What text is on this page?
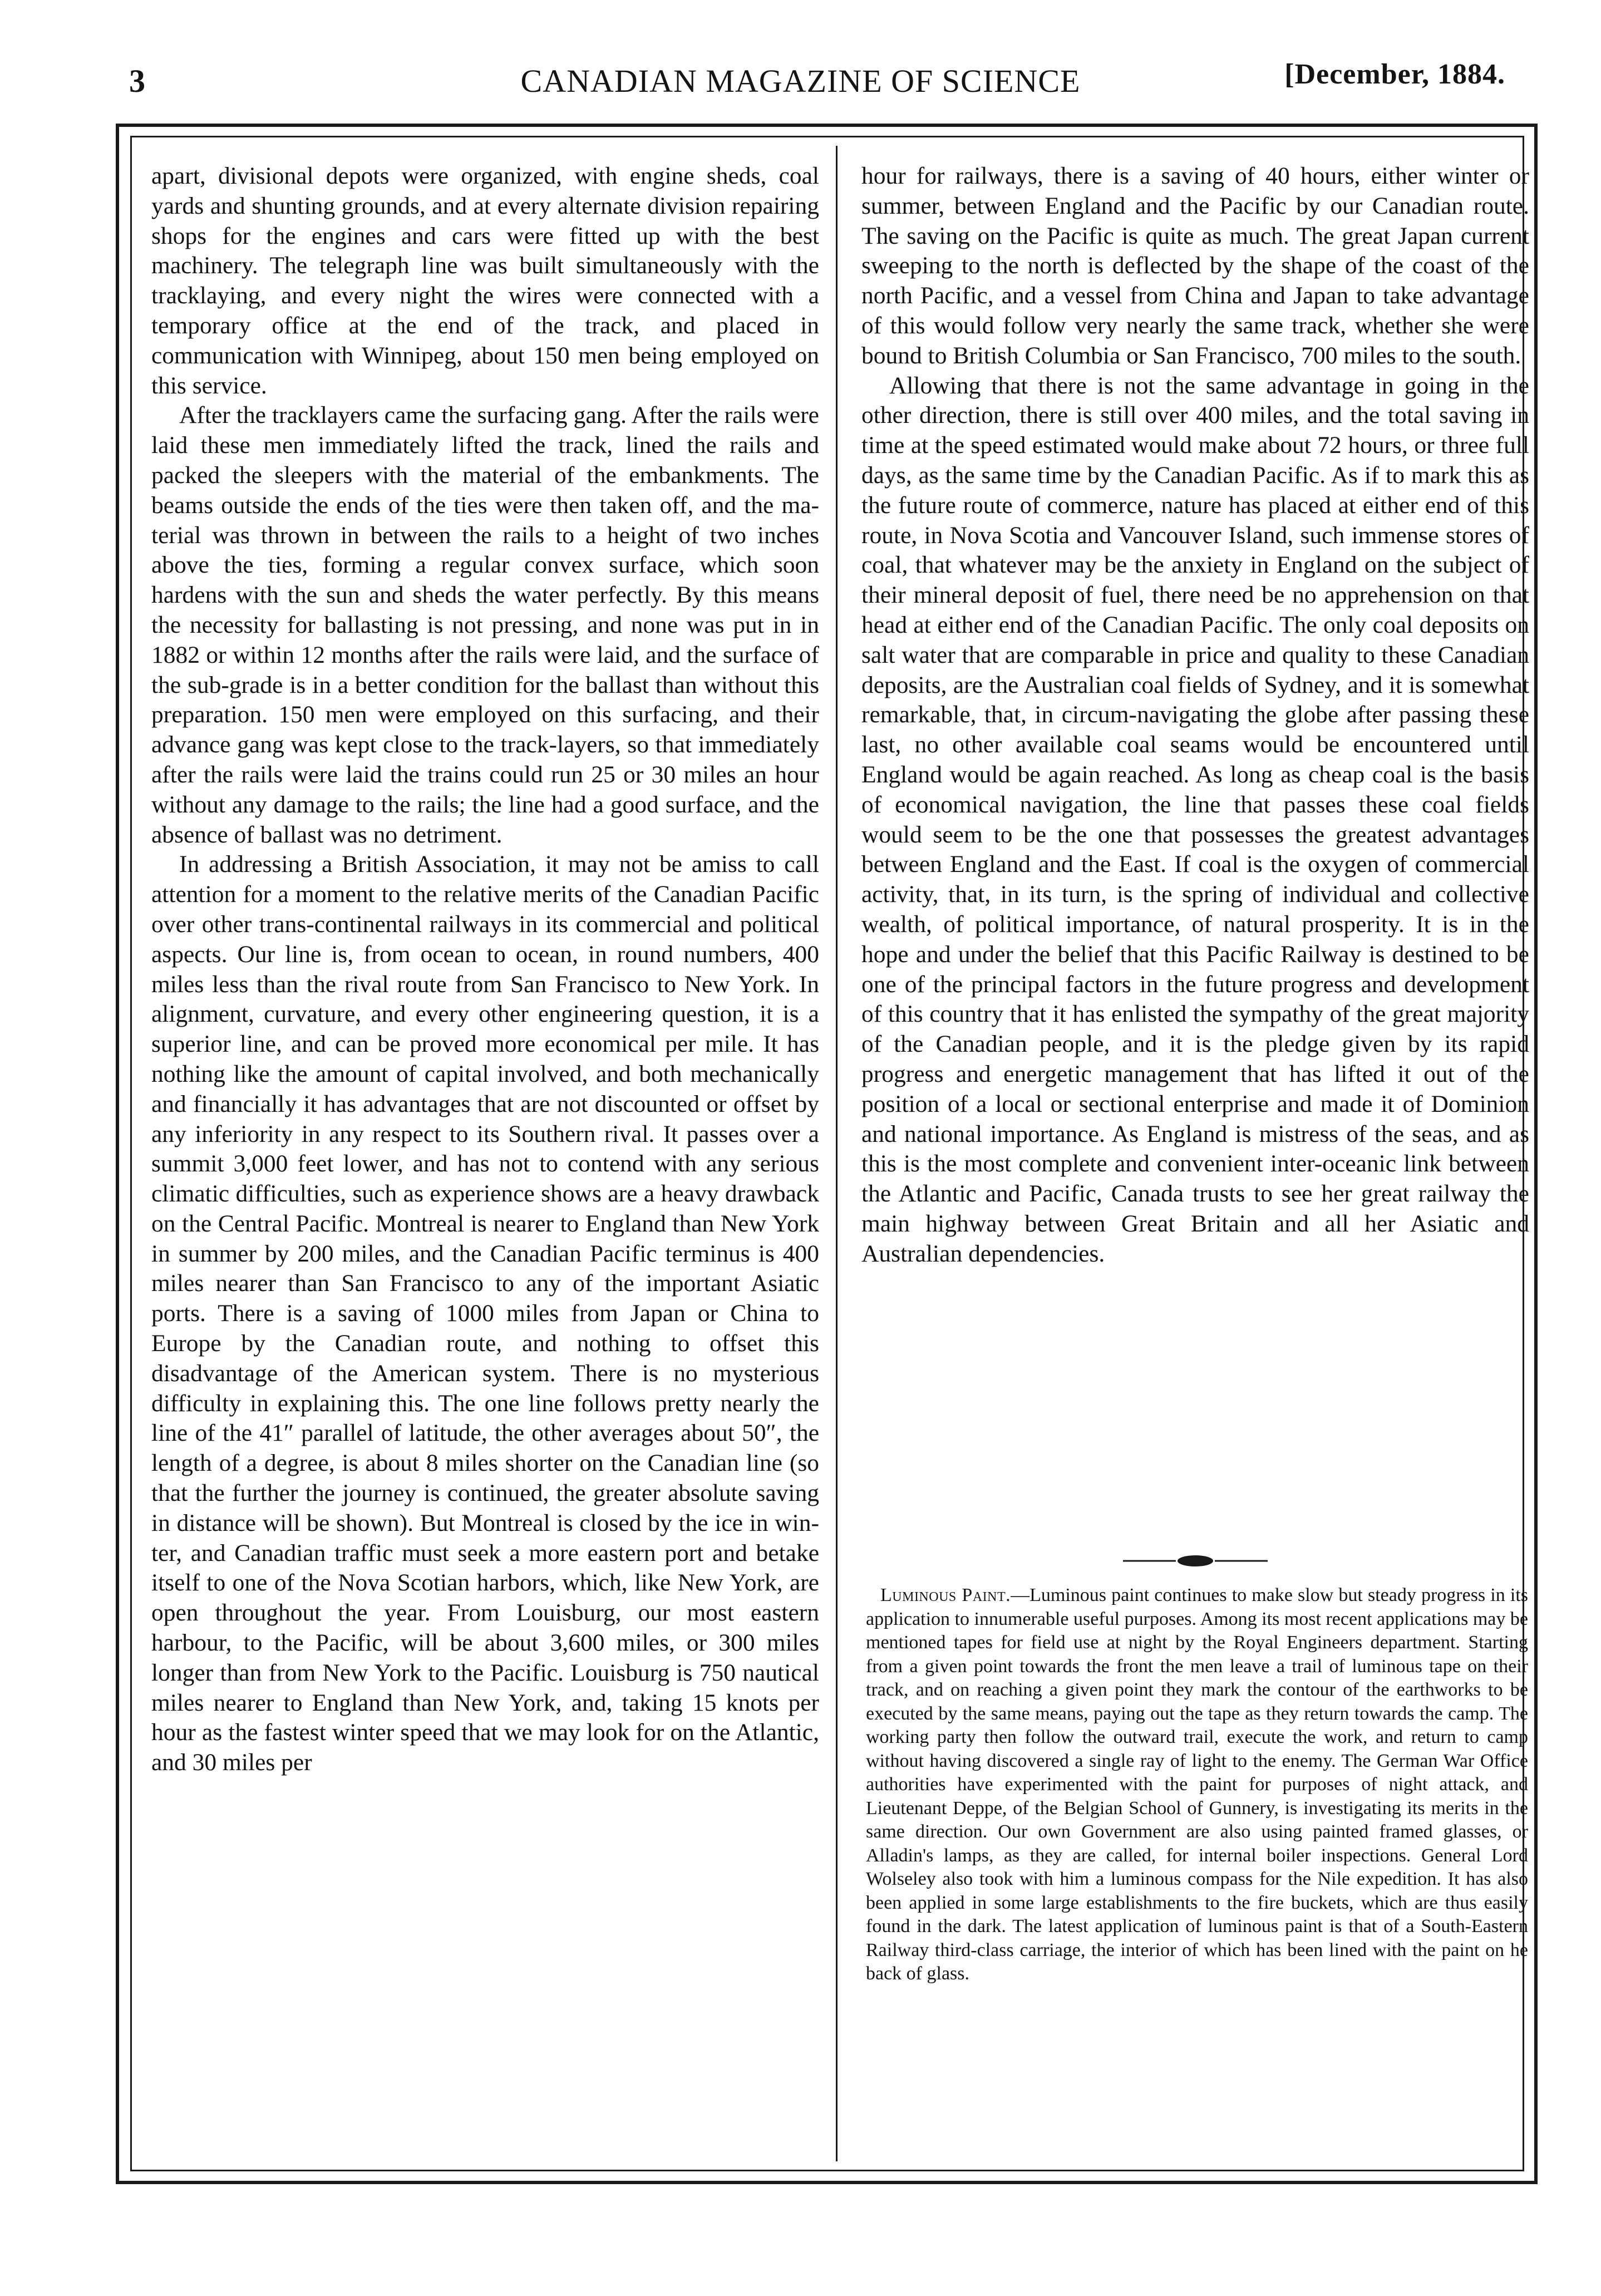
3	CANADIAN MAGAZINE OF SCIENCE	[December, 1884.

apart, divisional depots were organized, with engine sheds, coal yards and shunting grounds, and at every alternate division repairing shops for the engines and cars were fitted up with the best machinery. The telegraph line was built simultaneously with the tracklaying, and every night the wires were connected with a temporary office at the end of the track, and placed in communication with Winnipeg, about 150 men being employed on this service.

After the tracklayers came the surfacing gang. After the rails were laid these men immediately lifted the track, lined the rails and packed the sleepers with the material of the embankments. The beams outside the ends of the ties were then taken off, and the material was thrown in between the rails to a height of two inches above the ties, forming a regular convex surface, which soon hardens with the sun and sheds the water perfectly. By this means the necessity for ballasting is not pressing, and none was put in in 1882 or within 12 months after the rails were laid, and the surface of the sub-grade is in a better condition for the ballast than without this preparation. 150 men were employed on this surfacing, and their advance gang was kept close to the track-layers, so that immediately after the rails were laid the trains could run 25 or 30 miles an hour without any damage to the rails; the line had a good surface, and the absence of ballast was no detriment.

In addressing a British Association, it may not be amiss to call attention for a moment to the relative merits of the Canadian Pacific over other trans-continental railways in its commercial and political aspects. Our line is, from ocean to ocean, in round numbers, 400 miles less than the rival route from San Francisco to New York. In alignment, curvature, and every other engineering question, it is a superior line, and can be proved more economical per mile. It has nothing like the amount of capital involved, and both mechanically and financially it has advantages that are not discounted or offset by any inferiority in any respect to its Southern rival. It passes over a summit 3,000 feet lower, and has not to contend with any serious climatic difficulties, such as experience shows are a heavy drawback on the Central Pacific. Montreal is nearer to England than New York in summer by 200 miles, and the Canadian Pacific terminus is 400 miles nearer than San Francisco to any of the important Asiatic ports. There is a saving of 1000 miles from Japan or China to Europe by the Canadian route, and nothing to offset this disadvantage of the American system. There is no mysterious difficulty in explaining this. The one line follows pretty nearly the line of the 41″ parallel of latitude, the other averages about 50″, the length of a degree, is about 8 miles shorter on the Canadian line (so that the further the journey is continued, the greater absolute saving in distance will be shown). But Montreal is closed by the ice in winter, and Canadian traffic must seek a more eastern port and betake itself to one of the Nova Scotian harbors, which, like New York, are open throughout the year. From Louisburg, our most eastern harbour, to the Pacific, will be about 3,600 miles, or 300 miles longer than from New York to the Pacific. Louisburg is 750 nautical miles nearer to England than New York, and, taking 15 knots per hour as the fastest winter speed that we may look for on the Atlantic, and 30 miles per

hour for railways, there is a saving of 40 hours, either winter or summer, between England and the Pacific by our Canadian route. The saving on the Pacific is quite as much. The great Japan current sweeping to the north is deflected by the shape of the coast of the north Pacific, and a vessel from China and Japan to take advantage of this would follow very nearly the same track, whether she were bound to British Columbia or San Francisco, 700 miles to the south.

Allowing that there is not the same advantage in going in the other direction, there is still over 400 miles, and the total saving in time at the speed estimated would make about 72 hours, or three full days, as the same time by the Canadian Pacific. As if to mark this as the future route of commerce, nature has placed at either end of this route, in Nova Scotia and Vancouver Island, such immense stores of coal, that whatever may be the anxiety in England on the subject of their mineral deposit of fuel, there need be no apprehension on that head at either end of the Canadian Pacific. The only coal deposits on salt water that are comparable in price and quality to these Canadian deposits, are the Australian coal fields of Sydney, and it is somewhat remarkable, that, in circum-navigating the globe after passing these last, no other available coal seams would be encountered until England would be again reached. As long as cheap coal is the basis of economical navigation, the line that passes these coal fields would seem to be the one that possesses the greatest advantages between England and the East. If coal is the oxygen of commercial activity, that, in its turn, is the spring of individual and collective wealth, of political importance, of natural prosperity. It is in the hope and under the belief that this Pacific Railway is destined to be one of the principal factors in the future progress and development of this country that it has enlisted the sympathy of the great majority of the Canadian people, and it is the pledge given by its rapid progress and energetic management that has lifted it out of the position of a local or sectional enterprise and made it of Dominion and national importance. As England is mistress of the seas, and as this is the most complete and convenient inter-oceanic link between the Atlantic and Pacific, Canada trusts to see her great railway the main highway between Great Britain and all her Asiatic and Australian dependencies.

Luminous Paint.—Luminous paint continues to make slow but steady progress in its application to innumerable useful purposes. Among its most recent applications may be mentioned tapes for field use at night by the Royal Engineers department. Starting from a given point towards the front the men leave a trail of luminous tape on their track, and on reaching a given point they mark the contour of the earthworks to be executed by the same means, paying out the tape as they return towards the camp. The working party then follow the outward trail, execute the work, and return to camp without having discovered a single ray of light to the enemy. The German War Office authorities have experimented with the paint for purposes of night attack, and Lieutenant Deppe, of the Belgian School of Gunnery, is investigating its merits in the same direction. Our own Government are also using painted framed glasses, or Alladin's lamps, as they are called, for internal boiler inspections. General Lord Wolseley also took with him a luminous compass for the Nile expedition. It has also been applied in some large establishments to the fire buckets, which are thus easily found in the dark. The latest application of luminous paint is that of a South-Eastern Railway third-class carriage, the interior of which has been lined with the paint on he back of glass.
